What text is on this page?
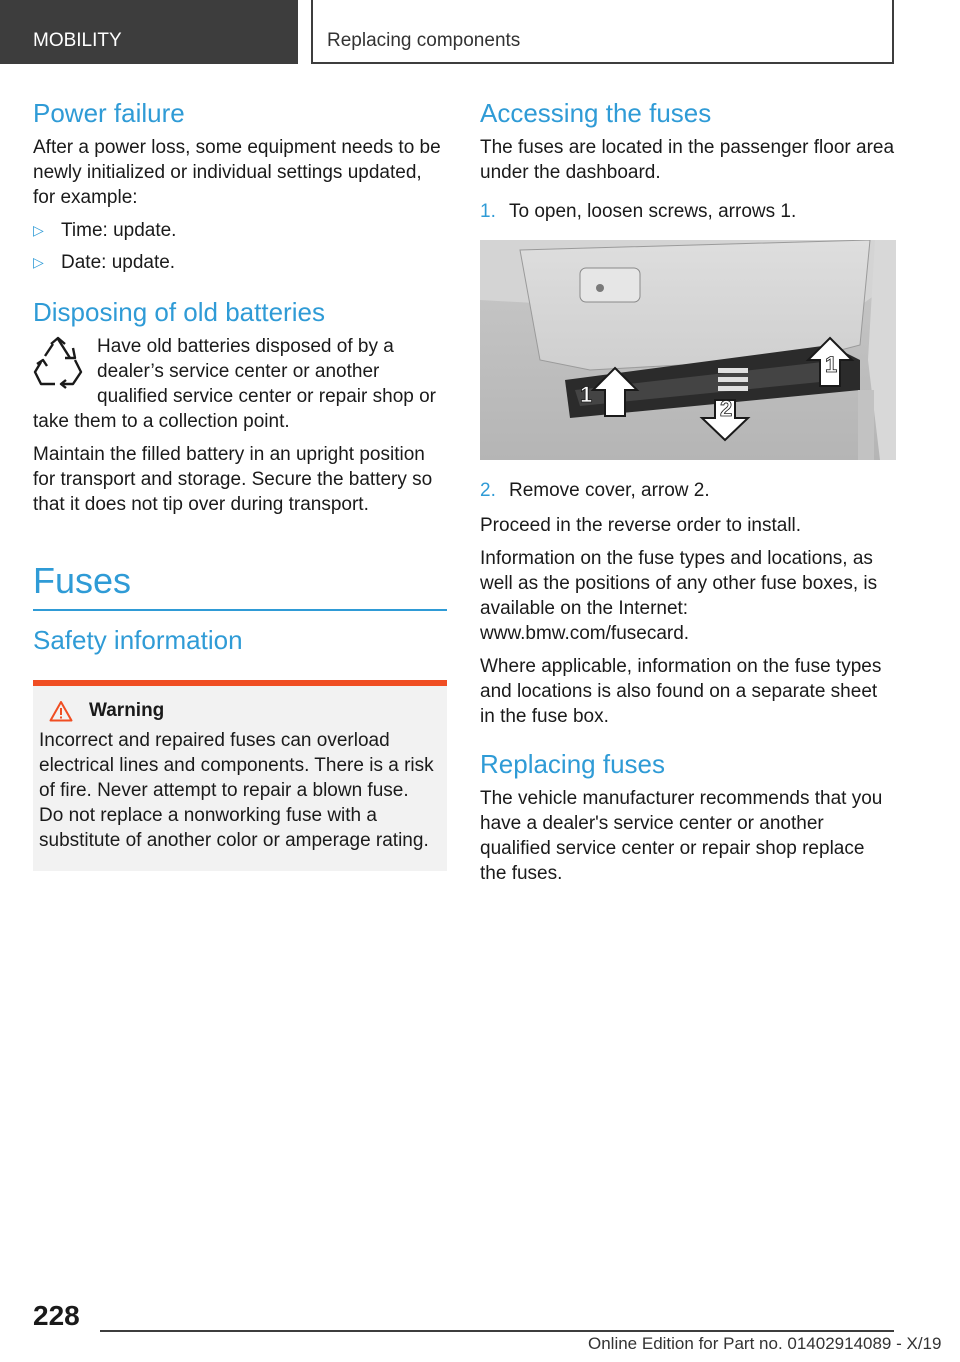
MOBILITY	Replacing components
Power failure

After a power loss, some equipment needs to be newly initialized or individual settings updated, for example:

▷ Time: update.
▷ Date: update.
Disposing of old batteries

Have old batteries disposed of by a dealer’s service center or another qualified service center or repair shop or take them to a collection point.

Maintain the filled battery in an upright position for transport and storage. Secure the battery so that it does not tip over during transport.

Fuses
Safety information
Warning

Incorrect and repaired fuses can overload electrical lines and components. There is a risk of fire. Never attempt to repair a blown fuse. Do not replace a nonworking fuse with a substitute of another color or amperage rating.

Accessing the fuses

The fuses are located in the passenger floor area under the dashboard.

1. To open, loosen screws, arrows 1.
1
1
2
2. Remove cover, arrow 2.

Proceed in the reverse order to install.

Information on the fuse types and locations, as well as the positions of any other fuse boxes, is available on the Internet: www.bmw.com/fusecard.

Where applicable, information on the fuse types and locations is also found on a separate sheet in the fuse box.

Replacing fuses

The vehicle manufacturer recommends that you have a dealer's service center or another qualified service center or repair shop replace the fuses.

228
Online Edition for Part no. 01402914089 - X/19
